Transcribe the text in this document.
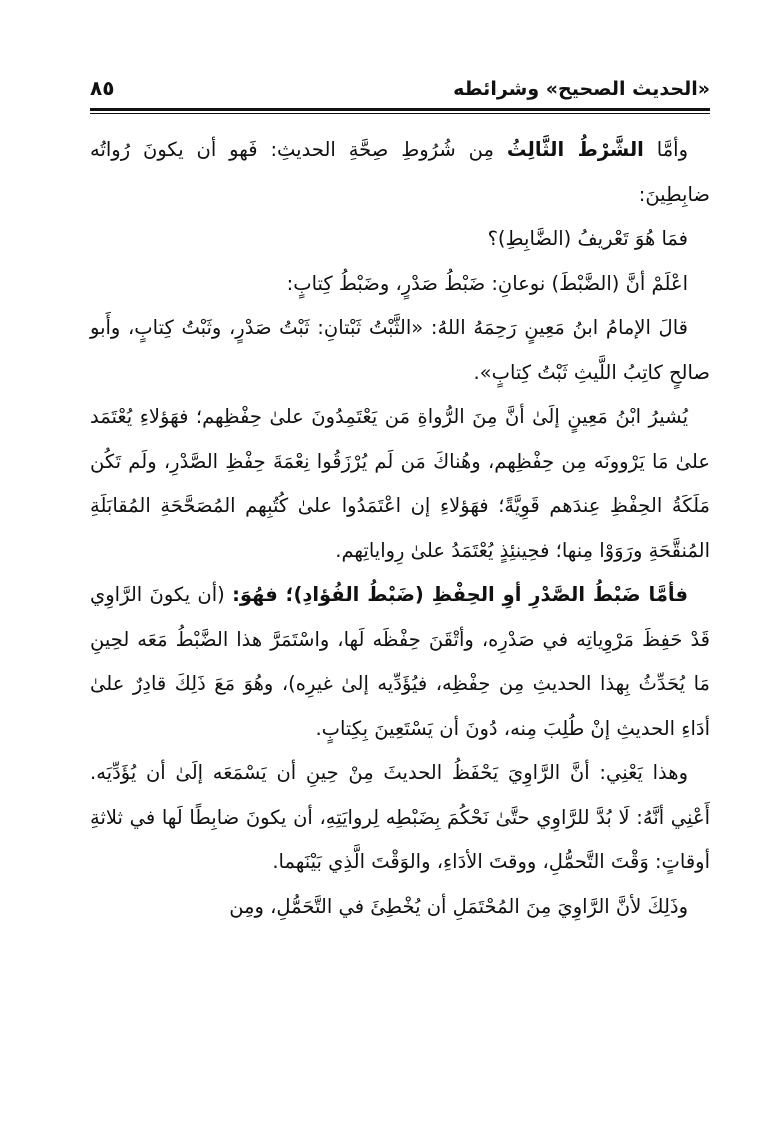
«الحديث الصحيح» وشرائطه
٨٥

وأمَّا الشَّرْطُ الثَّالِثُ مِن شُرُوطِ صِحَّةِ الحديثِ: فَهو أن يكونَ رُواتُه ضابِطِينَ:

فمَا هُوَ تَعْريفُ (الضَّابِطِ)؟

اعْلَمْ أنَّ (الضَّبْطَ) نوعانِ: ضَبْطُ صَدْرٍ، وضَبْطُ كِتابٍ:

قالَ الإمامُ ابنُ مَعِينٍ رَحِمَهُ اللهُ: «الثَّبْتُ ثَبْتانِ: ثَبْتُ صَدْرٍ، وثَبْتُ كِتابٍ، وأَبو صالحٍ كاتِبُ اللَّيثِ ثَبْتُ كِتابٍ».

يُشيرُ ابْنُ مَعِينٍ إلَىٰ أنَّ مِنَ الرُّواةِ مَن يَعْتَمِدُونَ علىٰ حِفْظِهم؛ فهَؤلاءِ يُعْتَمَد علىٰ مَا يَرْوونَه مِن حِفْظِهم، وهُناكَ مَن لَم يُرْزَقُوا نِعْمَةَ حِفْظِ الصَّدْرِ، ولَم تَكُن مَلَكَةُ الحِفْظِ عِندَهم قَوِيَّةً؛ فهَؤلاءِ إن اعْتَمَدُوا علىٰ كُتُبِهم المُصَحَّحَةِ المُقابَلَةِ المُنقَّحَةِ ورَوَوْا مِنها؛ فحِينئِذٍ يُعْتَمَدُ علىٰ رِواياتِهم.

فأمَّا ضَبْطُ الصَّدْرِ أوِ الحِفْظِ (ضَبْطُ الفُؤادِ)؛ فهُوَ: (أن يكونَ الرَّاوِي قَدْ حَفِظَ مَرْوِياتِه في صَدْرِه، وأتْقَنَ حِفْظَه لَها، واسْتَمَرَّ هذا الضَّبْطُ مَعَه لحِينِ مَا يُحَدِّثُ بِهذا الحديثِ مِن حِفْظِه، فيُؤَدِّيه إلىٰ غيرِه)، وهُوَ مَعَ ذَلِكَ قادِرٌ علىٰ أدَاءِ الحديثِ إنْ طُلِبَ مِنه، دُونَ أن يَسْتَعِينَ بِكِتابٍ.

وهذا يَعْنِي: أنَّ الرَّاوِيَ يَحْفَظُ الحديثَ مِنْ حِينِ أن يَسْمَعَه إلَىٰ أن يُؤَدِّيَه. أَعْنِي أنَّهُ: لَا بُدَّ للرَّاوِي حتَّىٰ نَحْكُمَ بِضَبْطِه لِروايَتِهِ، أن يكونَ ضابِطًا لَها في ثلاثةِ أوقاتٍ: وَقْتَ التَّحمُّلِ، ووقتَ الأدَاءِ، والوَقْتَ الَّذِي بَيْنَهما.

وذَلِكَ لأنَّ الرَّاوِيَ مِنَ المُحْتَمَلِ أن يُخْطِئَ في التَّحَمُّلِ، ومِن
